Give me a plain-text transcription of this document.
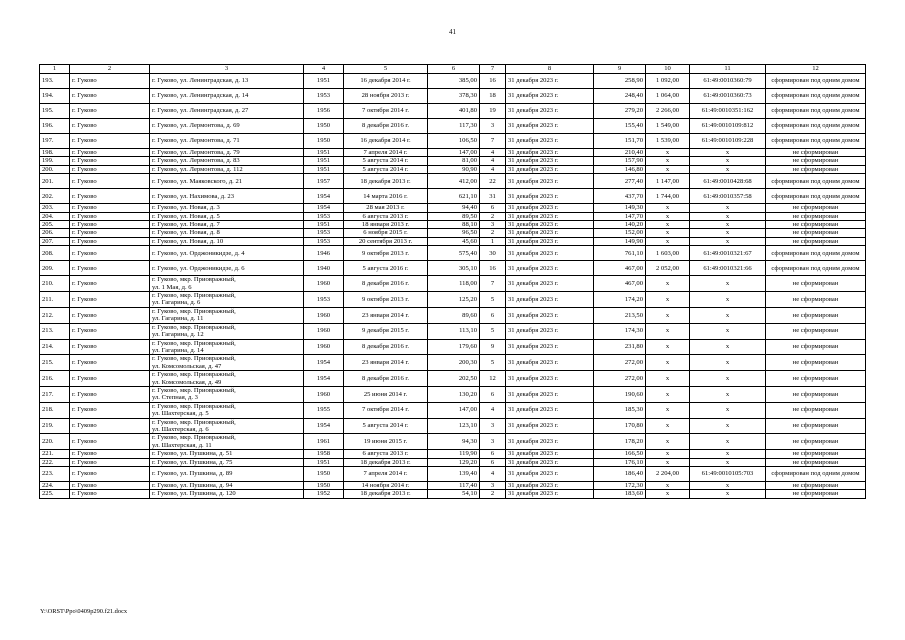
41
1	2	3	4	5	6	7	8	9	10	11	12
193.	г. Гуково	г. Гуково, ул. Ленинградская, д. 13	1951	16 декабря 2014 г.	385,00	16	31 декабря 2023 г.	258,90	1 092,00	61:49:0010360:79	сформирован под одним домом
194.	г. Гуково	г. Гуково, ул. Ленинградская, д. 14	1953	28 ноября 2013 г.	378,30	18	31 декабря 2023 г.	248,40	1 064,00	61:49:0010360:73	сформирован под одним домом
195.	г. Гуково	г. Гуково, ул. Ленинградская, д. 27	1956	7 октября 2014 г.	401,80	19	31 декабря 2023 г.	279,20	2 266,00	61:49:0010351:162	сформирован под одним домом
196.	г. Гуково	г. Гуково, ул. Лермонтова, д. 69	1950	8 декабря 2016 г.	117,30	3	31 декабря 2023 г.	155,40	1 549,00	61:49:0010109:812	сформирован под одним домом
197.	г. Гуково	г. Гуково, ул. Лермонтова, д. 71	1950	16 декабря 2014 г.	106,50	7	31 декабря 2023 г.	151,70	1 539,00	61:49:0010109:228	сформирован под одним домом
198.	г. Гуково	г. Гуково, ул. Лермонтова, д. 79	1951	7 апреля 2014 г.	147,00	4	31 декабря 2023 г.	210,40	х	х	не сформирован
199.	г. Гуково	г. Гуково, ул. Лермонтова, д. 83	1951	5 августа 2014 г.	81,00	4	31 декабря 2023 г.	157,90	х	х	не сформирован
200.	г. Гуково	г. Гуково, ул. Лермонтова, д. 112	1951	5 августа 2014 г.	90,90	4	31 декабря 2023 г.	146,80	х	х	не сформирован
201.	г. Гуково	г. Гуково, ул. Маяковского, д. 21	1957	18 декабря 2013 г.	412,00	22	31 декабря 2023 г.	277,40	1 147,00	61:49:0010428:68	сформирован под одним домом
202.	г. Гуково	г. Гуково, ул. Нахимова, д. 23	1954	14 марта 2016 г.	621,10	31	31 декабря 2023 г.	437,70	1 744,00	61:49:0010357:58	сформирован под одним домом
203.	г. Гуково	г. Гуково, ул. Новая, д. 3	1954	28 мая 2013 г.	94,40	6	31 декабря 2023 г.	149,30	х	х	не сформирован
204.	г. Гуково	г. Гуково, ул. Новая, д. 5	1953	6 августа 2013 г.	89,50	2	31 декабря 2023 г.	147,70	х	х	не сформирован
205.	г. Гуково	г. Гуково, ул. Новая, д. 7	1951	18 января 2013 г.	88,10	3	31 декабря 2023 г.	140,20	х	х	не сформирован
206.	г. Гуково	г. Гуково, ул. Новая, д. 8	1953	6 ноября 2015 г.	96,50	2	31 декабря 2023 г.	152,00	х	х	не сформирован
207.	г. Гуково	г. Гуково, ул. Новая, д. 10	1953	20 сентября 2013 г.	45,60	1	31 декабря 2023 г.	149,90	х	х	не сформирован
208.	г. Гуково	г. Гуково, ул. Орджоникидзе, д. 4	1946	9 октября 2013 г.	575,40	30	31 декабря 2023 г.	761,10	1 603,00	61:49:0010321:67	сформирован под одним домом
209.	г. Гуково	г. Гуково, ул. Орджоникидзе, д. 6	1940	5 августа 2016 г.	305,10	16	31 декабря 2023 г.	467,00	2 052,00	61:49:0010321:66	сформирован под одним домом
210.	г. Гуково	г. Гуково, мкр. Приовражный,
ул. 1 Мая, д. 6	1960	8 декабря 2016 г.	118,00	7	31 декабря 2023 г.	467,00	х	х	не сформирован
211.	г. Гуково	г. Гуково, мкр. Приовражный,
ул. Гагарина, д. 6	1953	9 октября 2013 г.	125,20	5	31 декабря 2023 г.	174,20	х	х	не сформирован
212.	г. Гуково	г. Гуково, мкр. Приовражный,
ул. Гагарина, д. 11	1960	23 января 2014 г.	89,60	6	31 декабря 2023 г.	213,50	х	х	не сформирован
213.	г. Гуково	г. Гуково, мкр. Приовражный,
ул. Гагарина, д. 12	1960	9 декабря 2015 г.	113,10	5	31 декабря 2023 г.	174,30	х	х	не сформирован
214.	г. Гуково	г. Гуково, мкр. Приовражный,
ул. Гагарина, д. 14	1960	8 декабря 2016 г.	179,60	9	31 декабря 2023 г.	231,80	х	х	не сформирован
215.	г. Гуково	г. Гуково, мкр. Приовражный,
ул. Комсомольская, д. 47	1954	23 января 2014 г.	200,30	5	31 декабря 2023 г.	272,00	х	х	не сформирован
216.	г. Гуково	г. Гуково, мкр. Приовражный,
ул. Комсомольская, д. 49	1954	8 декабря 2016 г.	202,50	12	31 декабря 2023 г.	272,00	х	х	не сформирован
217.	г. Гуково	г. Гуково, мкр. Приовражный,
ул. Степная, д. 3	1960	25 июня 2014 г.	130,20	6	31 декабря 2023 г.	190,60	х	х	не сформирован
218.	г. Гуково	г. Гуково, мкр. Приовражный,
ул. Шахтерская, д. 5	1955	7 октября 2014 г.	147,00	4	31 декабря 2023 г.	185,30	х	х	не сформирован
219.	г. Гуково	г. Гуково, мкр. Приовражный,
ул. Шахтерская, д. 6	1954	5 августа 2014 г.	123,10	3	31 декабря 2023 г.	170,80	х	х	не сформирован
220.	г. Гуково	г. Гуково, мкр. Приовражный,
ул. Шахтерская, д. 11	1961	19 июня 2015 г.	94,30	3	31 декабря 2023 г.	178,20	х	х	не сформирован
221.	г. Гуково	г. Гуково, ул. Пушкина, д. 51	1958	6 августа 2013 г.	119,90	6	31 декабря 2023 г.	166,50	х	х	не сформирован
222.	г. Гуково	г. Гуково, ул. Пушкина, д. 75	1951	18 декабря 2013 г.	129,20	6	31 декабря 2023 г.	176,10	х	х	не сформирован
223.	г. Гуково	г. Гуково, ул. Пушкина, д. 89	1950	7 апреля 2014 г.	139,40	4	31 декабря 2023 г.	186,40	2 204,00	61:49:0010105:703	сформирован под одним домом
224.	г. Гуково	г. Гуково, ул. Пушкина, д. 94	1950	14 ноября 2014 г.	117,40	3	31 декабря 2023 г.	172,30	х	х	не сформирован
225.	г. Гуково	г. Гуково, ул. Пушкина, д. 120	1952	18 декабря 2013 г.	54,10	2	31 декабря 2023 г.	183,60	х	х	не сформирован
Y:\ORST\Ppo\0409p290.f21.docx
